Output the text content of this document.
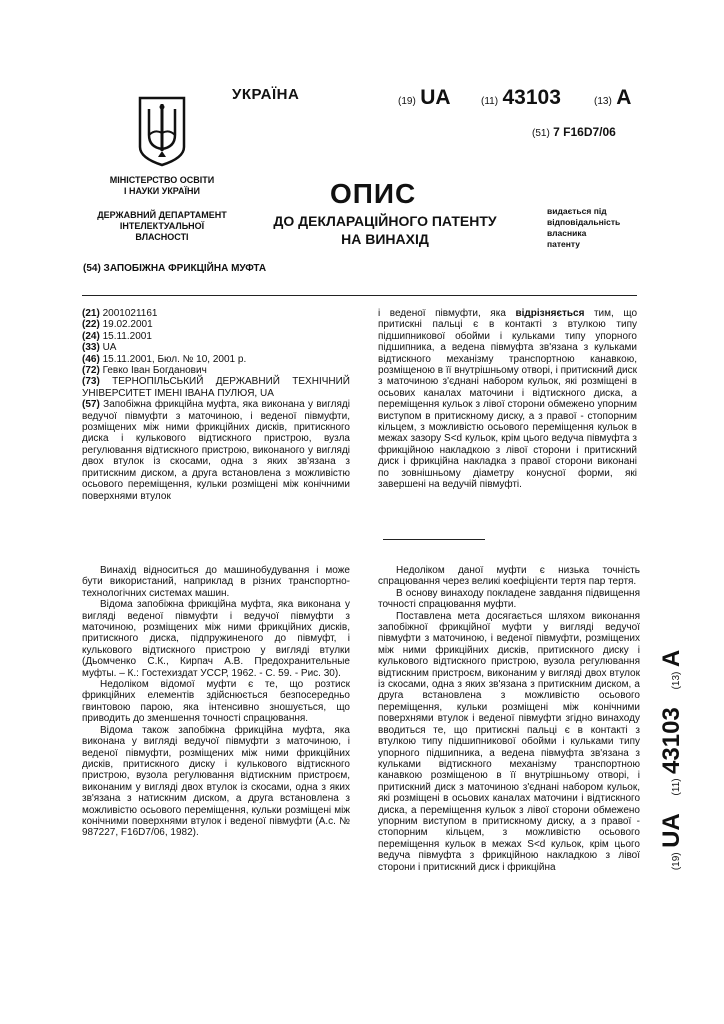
МІНІСТЕРСТВО ОСВІТИ
І НАУКИ УКРАЇНИ
ДЕРЖАВНИЙ ДЕПАРТАМЕНТ
ІНТЕЛЕКТУАЛЬНОЇ
ВЛАСНОСТІ
УКРАЇНА	(19) UA	(11) 43103	(13) A
(51) 7 F16D7/06
ОПИС
ДО ДЕКЛАРАЦІЙНОГО ПАТЕНТУ
НА ВИНАХІД
видається під
відповідальність
власника
патенту
(54) ЗАПОБІЖНА ФРИКЦІЙНА МУФТА

(21) 2001021161

(22) 19.02.2001

(24) 15.11.2001

(33) UA

(46) 15.11.2001, Бюл. № 10, 2001 р.

(72) Гевко Іван Богданович

(73) ТЕРНОПІЛЬСЬКИЙ ДЕРЖАВНИЙ ТЕХНІЧНИЙ УНІВЕРСИТЕТ ІМЕНІ ІВАНА ПУЛЮЯ, UA

(57) Запобіжна фрикційна муфта, яка виконана у вигляді ведучої півмуфти з маточиною, і веденої півмуфти, розміщених між ними фрикційних дисків, притискного диска і кулькового відтискного пристрою, вузла регулювання відтискного пристрою, виконаного у вигляді двох втулок із скосами, одна з яких зв'язана з притискним диском, а друга встановлена з можливістю осьового переміщення, кульки розміщені між конічними поверхнями втулок

і веденої півмуфти, яка відрізняється тим, що притискні пальці є в контакті з втулкою типу підшипникової обойми і кульками типу упорного підшипника, а ведена півмуфта зв'язана з кульками відтискного механізму транспортною канавкою, розміщеною в її внутрішньому отворі, і притискний диск з маточиною з'єднані набором кульок, які розміщені в осьових каналах маточини і відтискного диска, а переміщення кульок з лівої сторони обмежено упорним виступом в притискному диску, а з правої - стопорним кільцем, з можливістю осьового переміщення кульок в межах зазору S<d кульок, крім цього ведуча півмуфта з фрикційною накладкою з лівої сторони і притискний диск і фрикційна накладка з правої сторони виконані по зовнішньому діаметру конусної форми, які завершені на ведучій півмуфті.

Винахід відноситься до машинобудування і може бути використаний, наприклад в різних транспортно-технологічних системах машин.

Відома запобіжна фрикційна муфта, яка виконана у вигляді веденої півмуфти і ведучої півмуфти з маточиною, розміщених між ними фрикційних дисків, притискного диска, підпружиненого до півмуфт, і кулькового відтискного пристрою у вигляді втулки (Дьомченко С.К., Кирпач А.В. Предохранительные муфты. – К.: Гостехиздат УССР, 1962. - С. 59. - Рис. 30).

Недоліком відомої муфти є те, що розтиск фрикційних елементів здійснюється безпосередньо гвинтовою парою, яка інтенсивно зношується, що приводить до зменшення точності спрацювання.

Відома також запобіжна фрикційна муфта, яка виконана у вигляді ведучої півмуфти з маточиною, і веденої півмуфти, розміщених між ними фрикційних дисків, притискного диску і кулькового відтискного пристрою, вузола регулювання відтискним пристроєм, виконаним у вигляді двох втулок із скосами, одна з яких зв'язана з натискним диском, а друга встановлена з можливістю осьового переміщення, кульки розміщені між конічними поверхнями втулок і веденої півмуфти (А.с. № 987227, F16D7/06, 1982).

Недоліком даної муфти є низька точність спрацювання через великі коефіцієнти тертя пар тертя.

В основу винаходу покладене завдання підвищення точності спрацювання муфти.

Поставлена мета досягається шляхом виконання запобіжної фрикційної муфти у вигляді ведучої півмуфти з маточиною, і веденої півмуфти, розміщених між ними фрикційних дисків, притискного диску і кулькового відтискного пристрою, вузола регулювання відтискним пристроєм, виконаним у вигляді двох втулок із скосами, одна з яких зв'язана з притискним диском, а друга встановлена з можливістю осьового переміщення, кульки розміщені між конічними поверхнями втулок і веденої півмуфти згідно винаходу вводиться те, що притискні пальці є в контакті з втулкою типу підшипникової обойми і кульками типу упорного підшипника, а ведена півмуфта зв'язана з кульками відтискного механізму транспортною канавкою розміщеною в її внутрішньому отворі, і притискний диск з маточиною з'єднані набором кульок, які розміщені в осьових каналах маточини і відтискного диска, а переміщення кульок з лівої сторони обмежено упорним виступом в притискному диску, а з правої - стопорним кільцем, з можливістю осьового переміщення кульок в межах S<d кульок, крім цього ведуча півмуфта з фрикційною накладкою з лівої сторони і притискний диск і фрикційна	(19) UA    (11) 43103    (13) A
